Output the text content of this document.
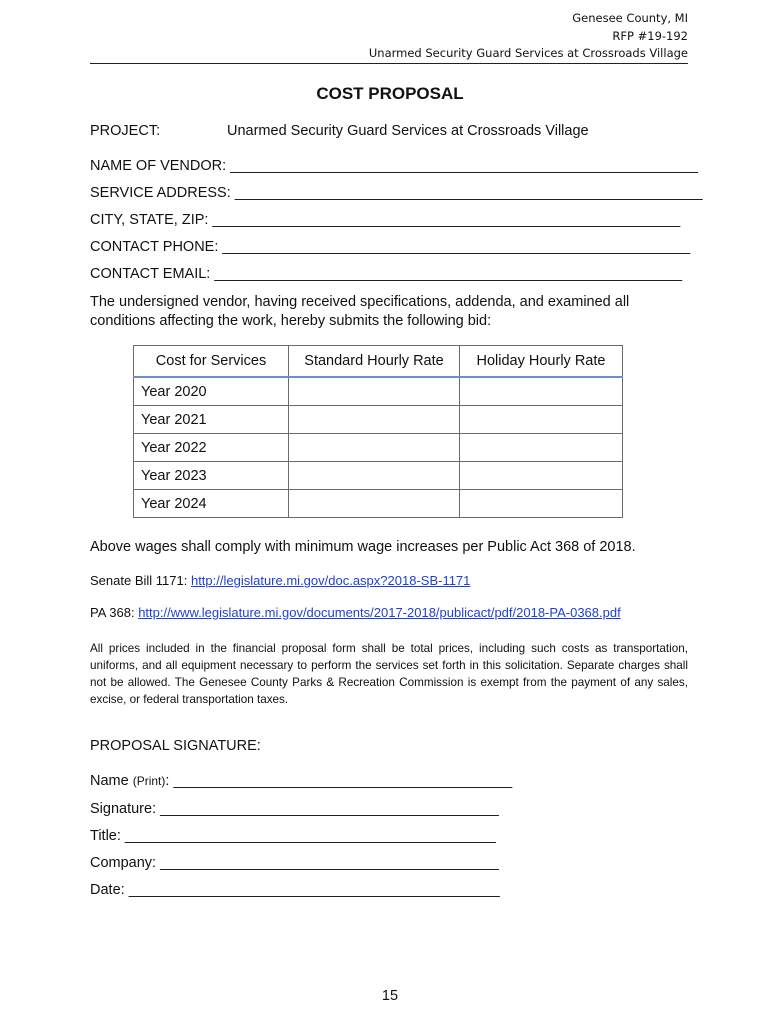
Genesee County, MI
RFP #19-192
Unarmed Security Guard Services at Crossroads Village
COST PROPOSAL
PROJECT:	Unarmed Security Guard Services at Crossroads Village
NAME OF VENDOR: __________________________________________________________
SERVICE ADDRESS: __________________________________________________________
CITY, STATE, ZIP: __________________________________________________________
CONTACT PHONE: __________________________________________________________
CONTACT EMAIL: __________________________________________________________
The undersigned vendor, having received specifications, addenda, and examined all conditions affecting the work, hereby submits the following bid:
Cost for Services	Standard Hourly Rate	Holiday Hourly Rate
Year 2020		
Year 2021		
Year 2022		
Year 2023		
Year 2024		
Above wages shall comply with minimum wage increases per Public Act 368 of 2018.
Senate Bill 1171: http://legislature.mi.gov/doc.aspx?2018-SB-1171
PA 368: http://www.legislature.mi.gov/documents/2017-2018/publicact/pdf/2018-PA-0368.pdf
All prices included in the financial proposal form shall be total prices, including such costs as transportation, uniforms, and all equipment necessary to perform the services set forth in this solicitation. Separate charges shall not be allowed. The Genesee County Parks & Recreation Commission is exempt from the payment of any sales, excise, or federal transportation taxes.
PROPOSAL SIGNATURE:
Name (Print): __________________________________________
Signature: __________________________________________
Title: ______________________________________________
Company: __________________________________________
Date: ______________________________________________
15
